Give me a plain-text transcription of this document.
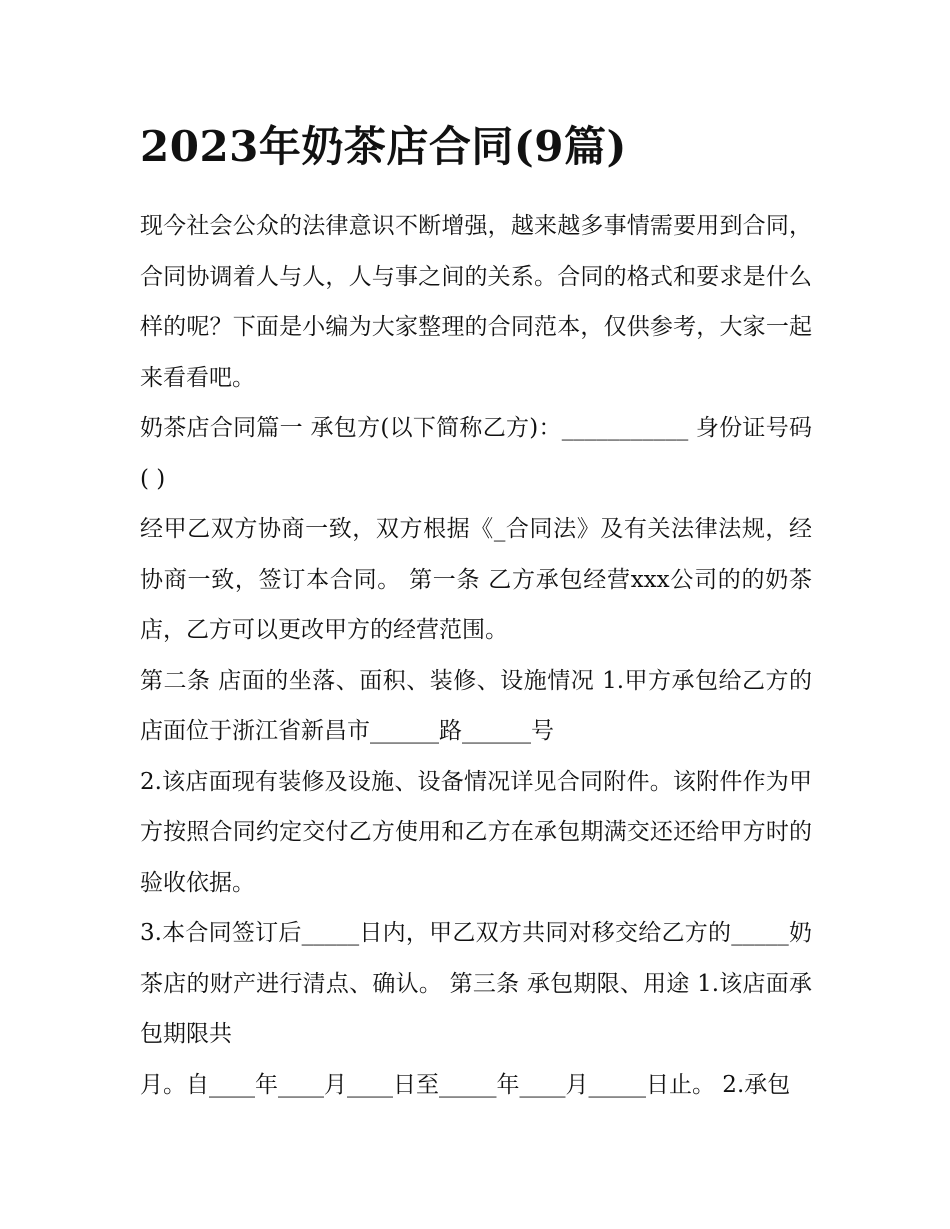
2023年奶茶店合同(9篇)

现今社会公众的法律意识不断增强，越来越多事情需要用到合同，合同协调着人与人，人与事之间的关系。合同的格式和要求是什么样的呢？下面是小编为大家整理的合同范本，仅供参考，大家一起来看看吧。

奶茶店合同篇一 承包方(以下简称乙方)：___________ 身份证号码( )

经甲乙双方协商一致，双方根据《_合同法》及有关法律法规，经协商一致，签订本合同。 第一条 乙方承包经营xxx公司的的奶茶店，乙方可以更改甲方的经营范围。

第二条 店面的坐落、面积、装修、设施情况 1.甲方承包给乙方的店面位于浙江省新昌市______路______号

2.该店面现有装修及设施、设备情况详见合同附件。该附件作为甲方按照合同约定交付乙方使用和乙方在承包期满交还还给甲方时的验收依据。

3.本合同签订后_____日内，甲乙双方共同对移交给乙方的_____奶茶店的财产进行清点、确认。 第三条 承包期限、用途 1.该店面承包期限共

月。自____年____月____日至_____年____月_____日止。 2.承包
